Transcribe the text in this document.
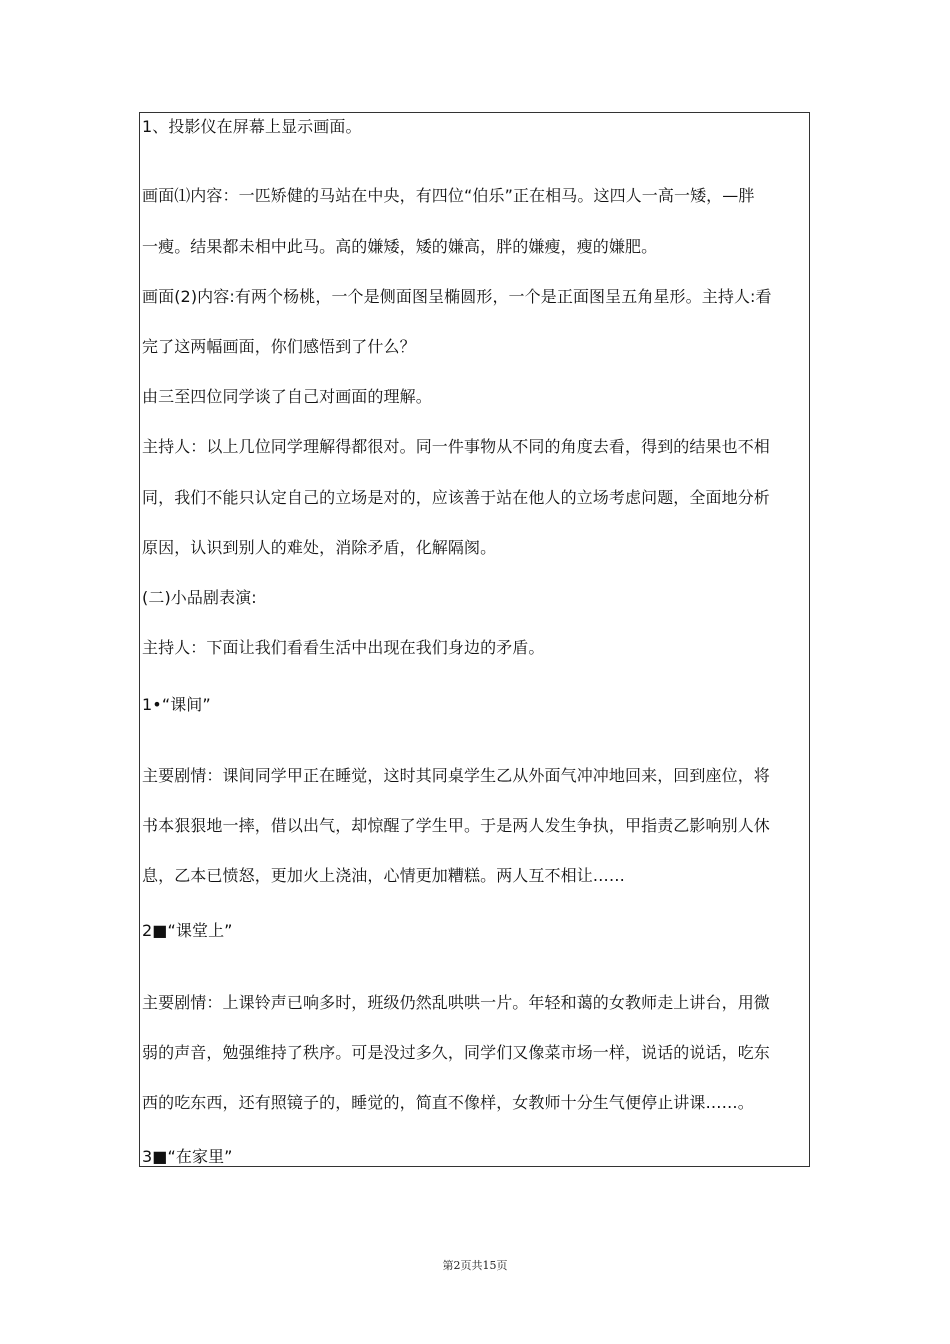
1、投影仪在屏幕上显示画面。
画面⑴内容：一匹矫健的马站在中央，有四位“伯乐”正在相马。这四人一高一矮，—胖
一瘦。结果都未相中此马。高的嫌矮，矮的嫌高，胖的嫌瘦，瘦的嫌肥。
画面(2)内容:有两个杨桃，一个是侧面图呈椭圆形，一个是正面图呈五角星形。主持人:看
完了这两幅画面，你们感悟到了什么？
由三至四位同学谈了自己对画面的理解。
主持人：以上几位同学理解得都很对。同一件事物从不同的角度去看，得到的结果也不相
同，我们不能只认定自己的立场是对的，应该善于站在他人的立场考虑问题，全面地分析
原因，认识到别人的难处，消除矛盾，化解隔阂。
(二)小品剧表演:
主持人：下面让我们看看生活中出现在我们身边的矛盾。
1•“课间”
主要剧情：课间同学甲正在睡觉，这时其同桌学生乙从外面气冲冲地回来，回到座位，将
书本狠狠地一摔，借以出气，却惊醒了学生甲。于是两人发生争执，甲指责乙影响别人休
息，乙本已愤怒，更加火上浇油，心情更加糟糕。两人互不相让……
2■“课堂上”
主要剧情：上课铃声已响多时，班级仍然乱哄哄一片。年轻和蔼的女教师走上讲台，用微
弱的声音，勉强维持了秩序。可是没过多久，同学们又像菜市场一样，说话的说话，吃东
西的吃东西，还有照镜子的，睡觉的，简直不像样，女教师十分生气便停止讲课……。
3■“在家里”
第2页共15页
